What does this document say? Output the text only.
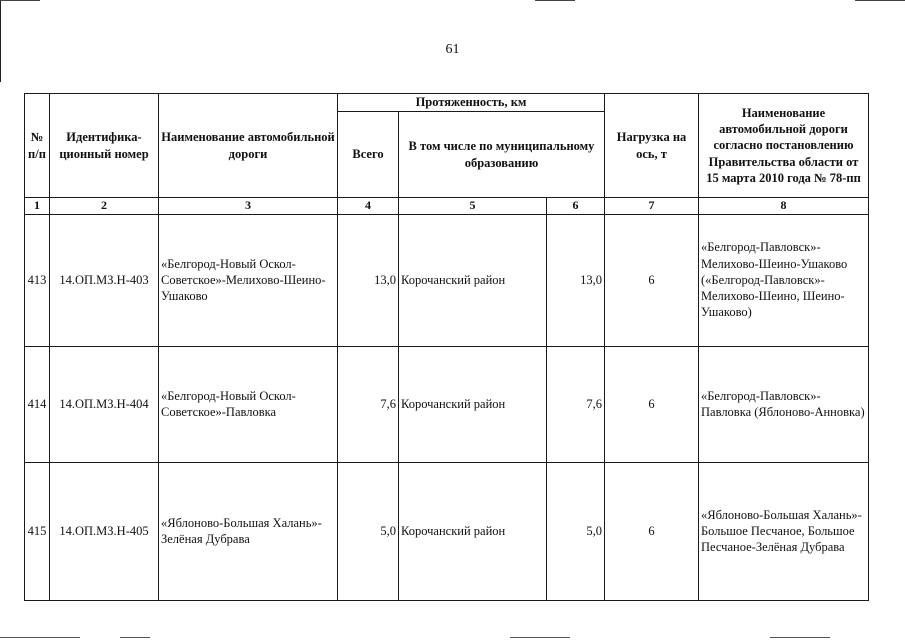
61
№ п/п	Идентифика-ционный номер	Наименование автомобильной дороги	Протяженность, км			Нагрузка на ось, т	Наименование автомобильной дороги согласно постановлению Правительства области от 15 марта 2010 года № 78-пп
			Всего	В том числе по муниципальному образованию			
1	2	3	4	5	6	7	8
413	14.ОП.МЗ.Н-403	«Белгород-Новый Оскол-Советское»-Мелихово-Шеино-Ушаково	13,0	Корочанский район	13,0	6	«Белгород-Павловск»-Мелихово-Шеино-Ушаково («Белгород-Павловск»-Мелихово-Шеино, Шеино-Ушаково)
414	14.ОП.МЗ.Н-404	«Белгород-Новый Оскол-Советское»-Павловка	7,6	Корочанский район	7,6	6	«Белгород-Павловск»-Павловка (Яблоново-Анновка)
415	14.ОП.МЗ.Н-405	«Яблоново-Большая Халань»-Зелёная Дубрава	5,0	Корочанский район	5,0	6	«Яблоново-Большая Халань»-Большое Песчаное, Большое Песчаное-Зелёная Дубрава
